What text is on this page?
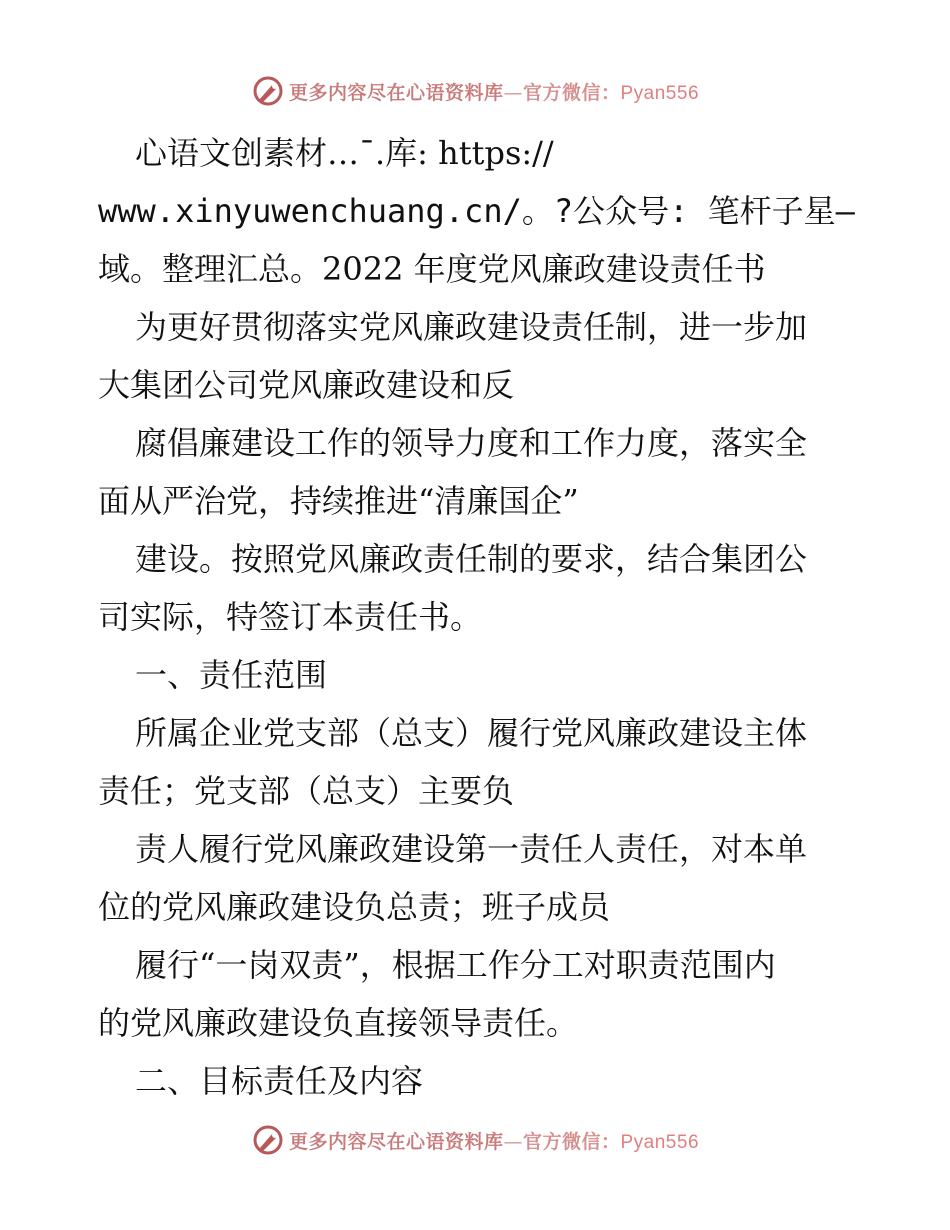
更多内容尽在心语资料库—官方微信：Pyan556
心语文创素材…¯.库: https://
www.xinyuwenchuang.cn/。?公众号: 笔杆子星—
域。整理汇总。2022 年度党风廉政建设责任书
为更好贯彻落实党风廉政建设责任制，进一步加
大集团公司党风廉政建设和反
腐倡廉建设工作的领导力度和工作力度，落实全
面从严治党，持续推进“清廉国企”
建设。按照党风廉政责任制的要求，结合集团公
司实际，特签订本责任书。
一、责任范围
所属企业党支部（总支）履行党风廉政建设主体
责任；党支部（总支）主要负
责人履行党风廉政建设第一责任人责任，对本单
位的党风廉政建设负总责；班子成员
履行“一岗双责”，根据工作分工对职责范围内
的党风廉政建设负直接领导责任。
二、目标责任及内容
更多内容尽在心语资料库—官方微信：Pyan556
